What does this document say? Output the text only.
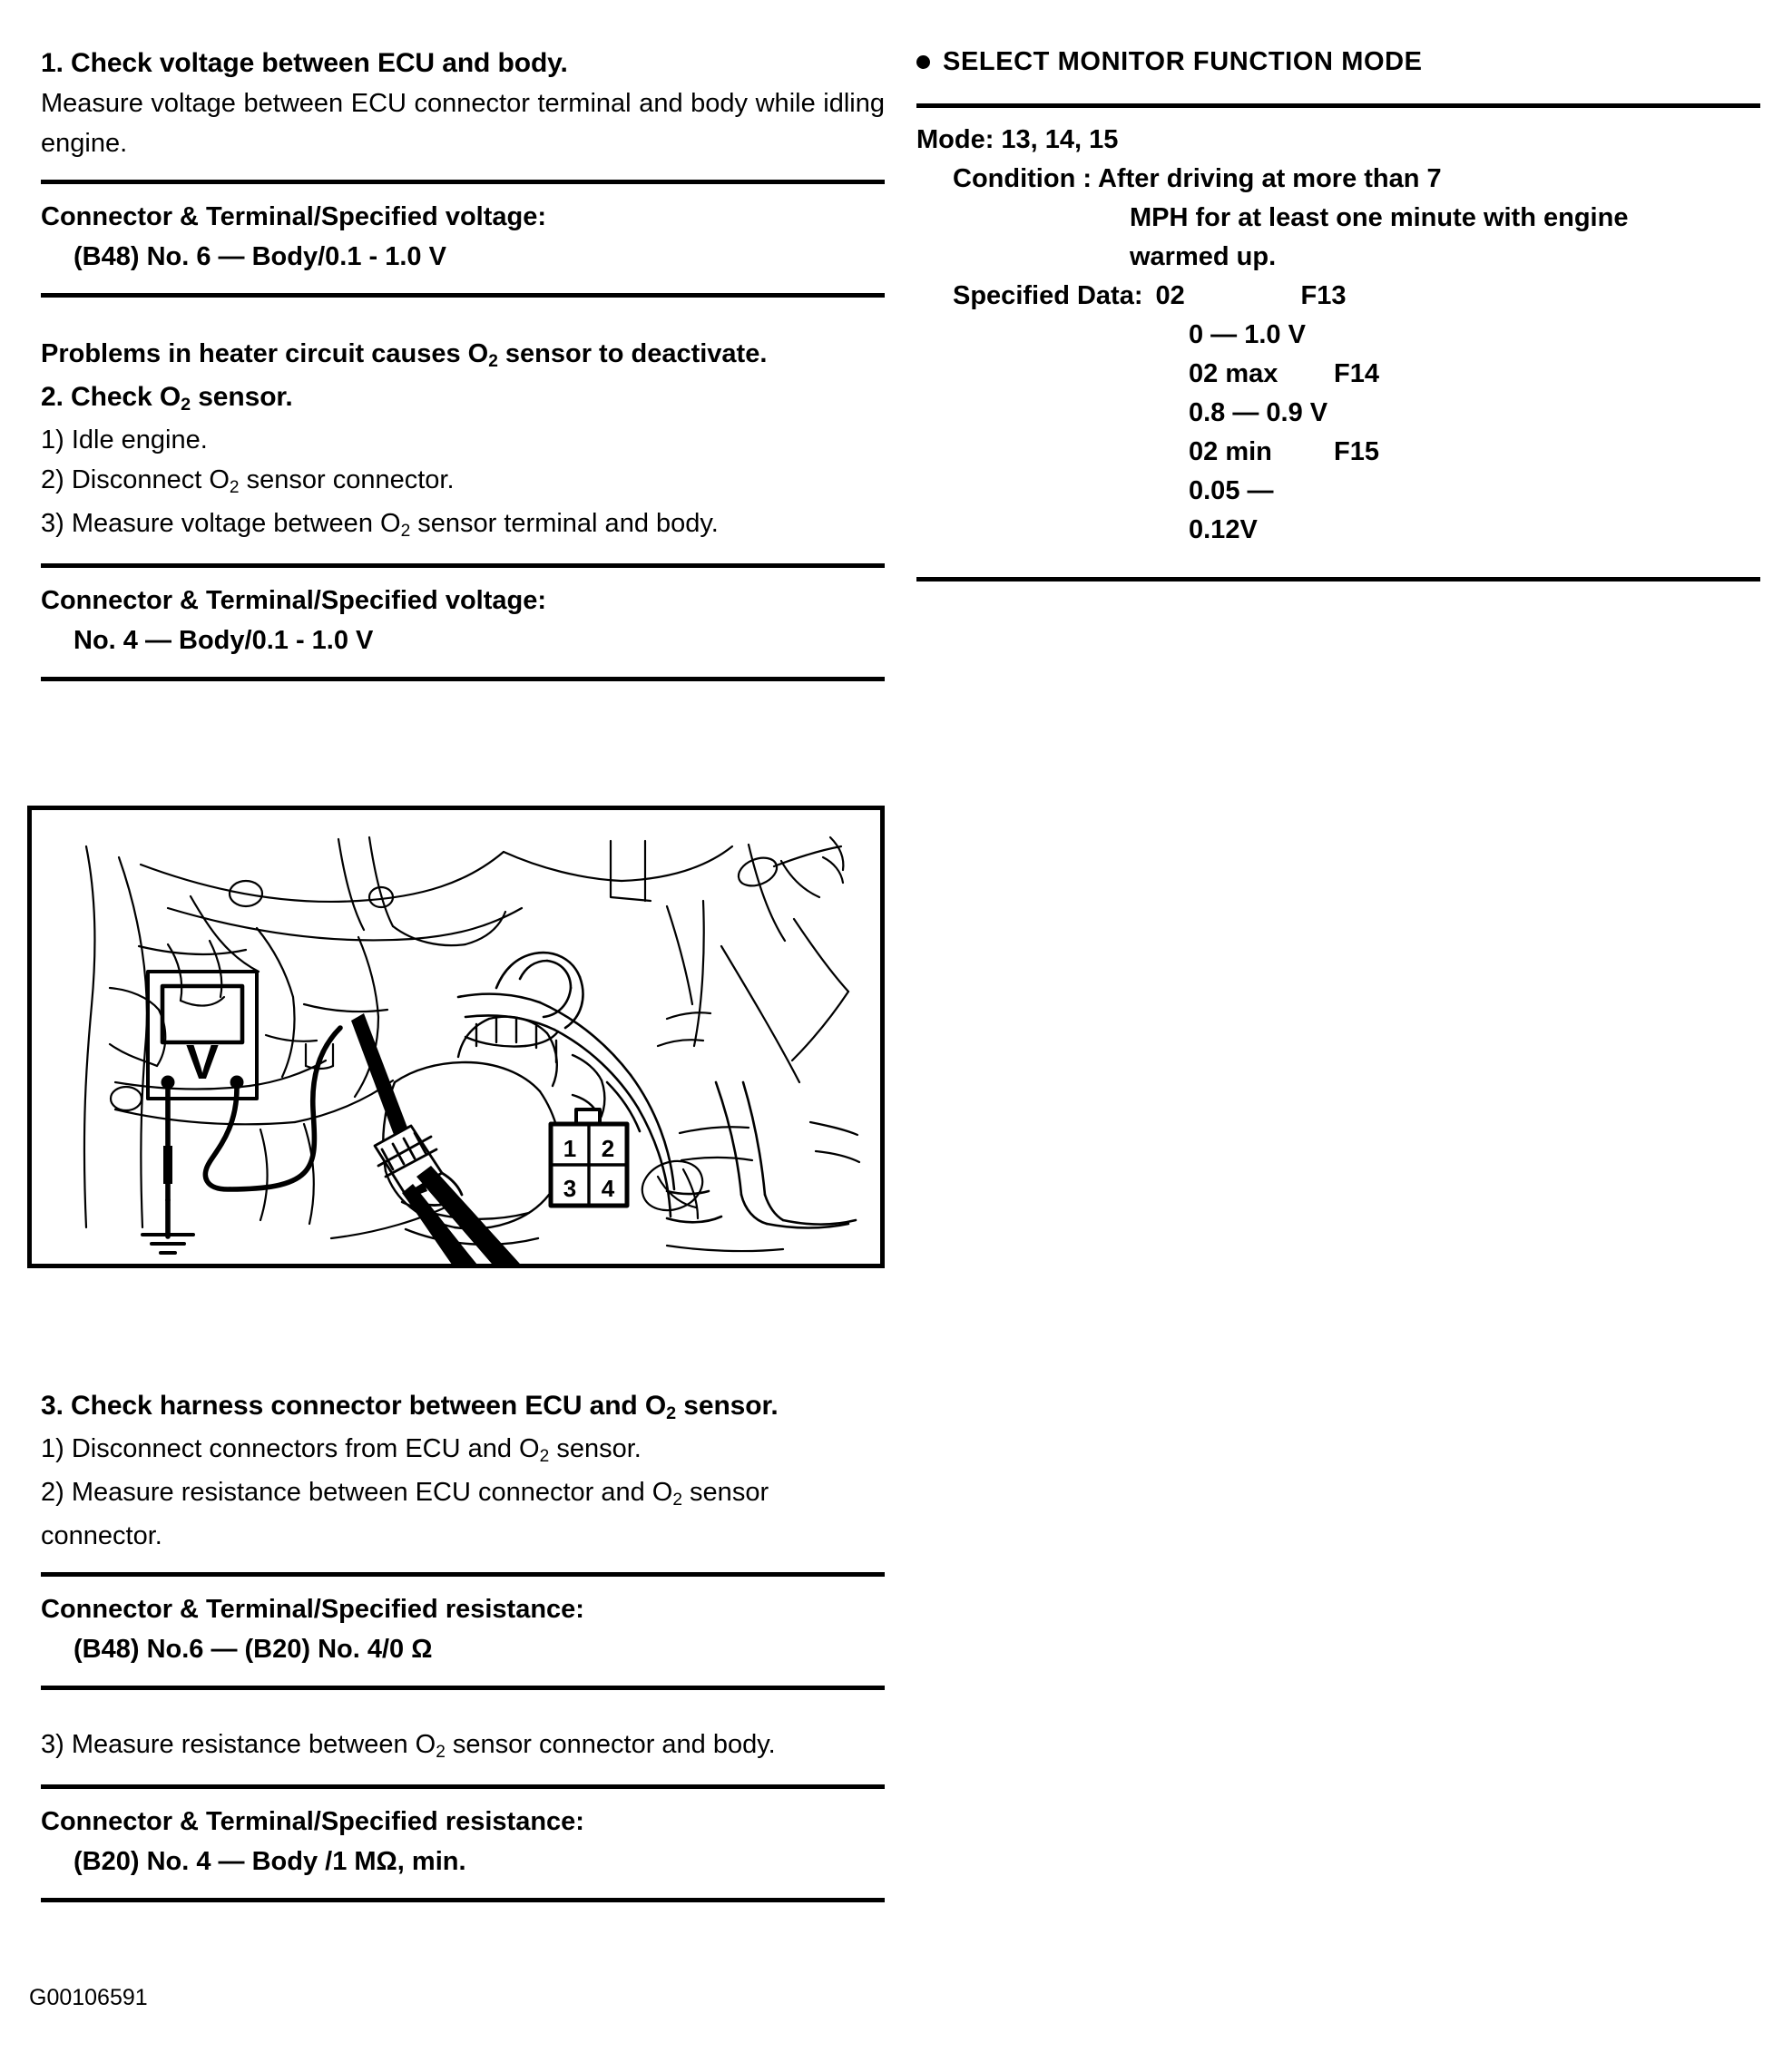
1. Check voltage between ECU and body.

Measure voltage between ECU connector terminal and body while idling engine.

Connector & Terminal/Specified voltage:

(B48) No. 6 — Body/0.1 - 1.0 V

Problems in heater circuit causes $O_2$ sensor to deactivate.

2. Check $O_2$ sensor.

1) Idle engine.

2) Disconnect $O_2$ sensor connector.

3) Measure voltage between $O_2$ sensor terminal and body.

Connector & Terminal/Specified voltage:

No. 4 — Body/0.1 - 1.0 V

V
1 2
3 4

3. Check harness connector between ECU and $O_2$ sensor.

1) Disconnect connectors from ECU and $O_2$ sensor.

2) Measure resistance between ECU connector and $O_2$ sensor connector.

Connector & Terminal/Specified resistance:

(B48) No.6 — (B20) No. 4/0 Ω

3) Measure resistance between $O_2$ sensor connector and body.

Connector & Terminal/Specified resistance:

(B20) No. 4 — Body /1 MΩ, min.

SELECT MONITOR FUNCTION MODE

Mode: 13, 14, 15

Condition : After driving at more than 7

MPH for at least one minute with engine

warmed up.

Specified Data: 02	F13
0 — 1.0 V
02 max	F14
0.8 — 0.9 V
02 min	F15
0.05 — 0.12V

G00106591
